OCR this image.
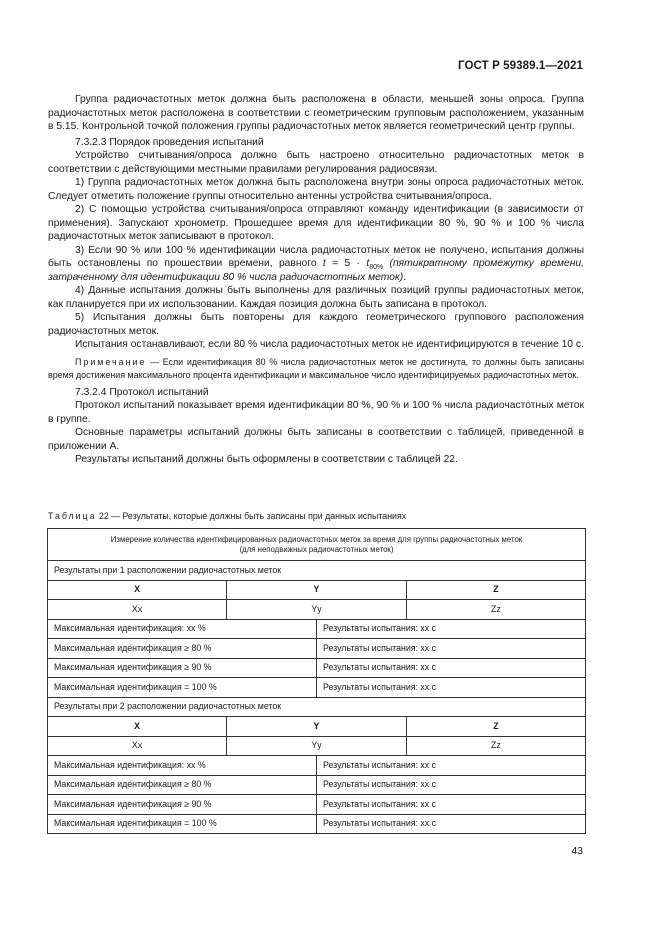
ГОСТ Р 59389.1—2021

Группа радиочастотных меток должна быть расположена в области, меньшей зоны опроса. Группа радиочастотных меток расположена в соответствии с геометрическим групповым расположением, указанным в 5.15. Контрольной точкой положения группы радиочастотных меток является геометрический центр группы.

7.3.2.3 Порядок проведения испытаний

Устройство считывания/опроса должно быть настроено относительно радиочастотных меток в соответствии с действующими местными правилами регулирования радиосвязи.

1) Группа радиочастотных меток должна быть расположена внутри зоны опроса радиочастотных меток. Следует отметить положение группы относительно антенны устройства считывания/опроса.

2) С помощью устройства считывания/опроса отправляют команду идентификации (в зависимости от применения). Запускают хронометр. Прошедшее время для идентификации 80 %, 90 % и 100 % числа радиочастотных меток записывают в протокол.

3) Если 90 % или 100 % идентификации числа радиочастотных меток не получено, испытания должны быть остановлены по прошествии времени, равного $t = 5 \cdot t_{80\%}$ (пятикратному промежутку времени, затраченному для идентификации 80 % числа радиочастотных меток).

4) Данные испытания должны быть выполнены для различных позиций группы радиочастотных меток, как планируется при их использовании. Каждая позиция должна быть записана в протокол.

5) Испытания должны быть повторены для каждого геометрического группового расположения радиочастотных меток.

Испытания останавливают, если 80 % числа радиочастотных меток не идентифицируются в течение 10 с.

Примечание — Если идентификация 80 % числа радиочастотных меток не достигнута, то должны быть записаны время достижения максимального процента идентификации и максимальное число идентифицируемых радиочастотных меток.

7.3.2.4 Протокол испытаний

Протокол испытаний показывает время идентификации 80 %, 90 % и 100 % числа радиочастотных меток в группе.

Основные параметры испытаний должны быть записаны в соответствии с таблицей, приведенной в приложении А.

Результаты испытаний должны быть оформлены в соответствии с таблицей 22.

Таблица 22 — Результаты, которые должны быть записаны при данных испытаниях
Измерение количества идентифицированных радиочастотных меток за время для группы радиочастотных меток
(для неподвижных радиочастотных меток)			

Результаты при 1 расположении радиочастотных меток			
X	Y		Z
Xx	Yy		Zz
Максимальная идентификация: xx %		Результаты испытания: хх с	
Максимальная идентификация ≥ 80 %		Результаты испытания: хх с	
Максимальная идентификация ≥ 90 %		Результаты испытания: хх с	
Максимальная идентификация = 100 %		Результаты испытания: хх с	
Результаты при 2 расположении радиочастотных меток			
X	Y		Z
Xx	Yy		Zz
Максимальная идентификация: xx %		Результаты испытания: хх с	
Максимальная идентификация ≥ 80 %		Результаты испытания: хх с	
Максимальная идентификация ≥ 90 %		Результаты испытания: хх с	
Максимальная идентификация = 100 %		Результаты испытания: хх с	
43
